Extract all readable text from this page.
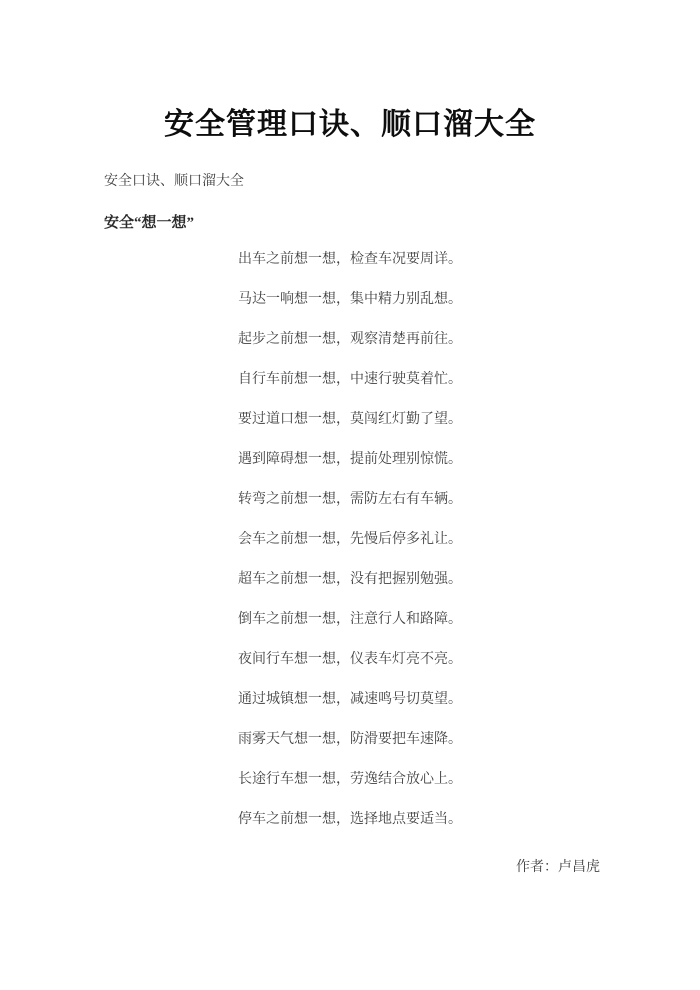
安全管理口诀、顺口溜大全

安全口诀、顺口溜大全

安全“想一想”

出车之前想一想，检查车况要周详。

马达一响想一想，集中精力别乱想。

起步之前想一想，观察清楚再前往。

自行车前想一想，中速行驶莫着忙。

要过道口想一想，莫闯红灯勤了望。

遇到障碍想一想，提前处理别惊慌。

转弯之前想一想，需防左右有车辆。

会车之前想一想，先慢后停多礼让。

超车之前想一想，没有把握别勉强。

倒车之前想一想，注意行人和路障。

夜间行车想一想，仪表车灯亮不亮。

通过城镇想一想，减速鸣号切莫望。

雨雾天气想一想，防滑要把车速降。

长途行车想一想，劳逸结合放心上。

停车之前想一想，选择地点要适当。

作者：卢昌虎
